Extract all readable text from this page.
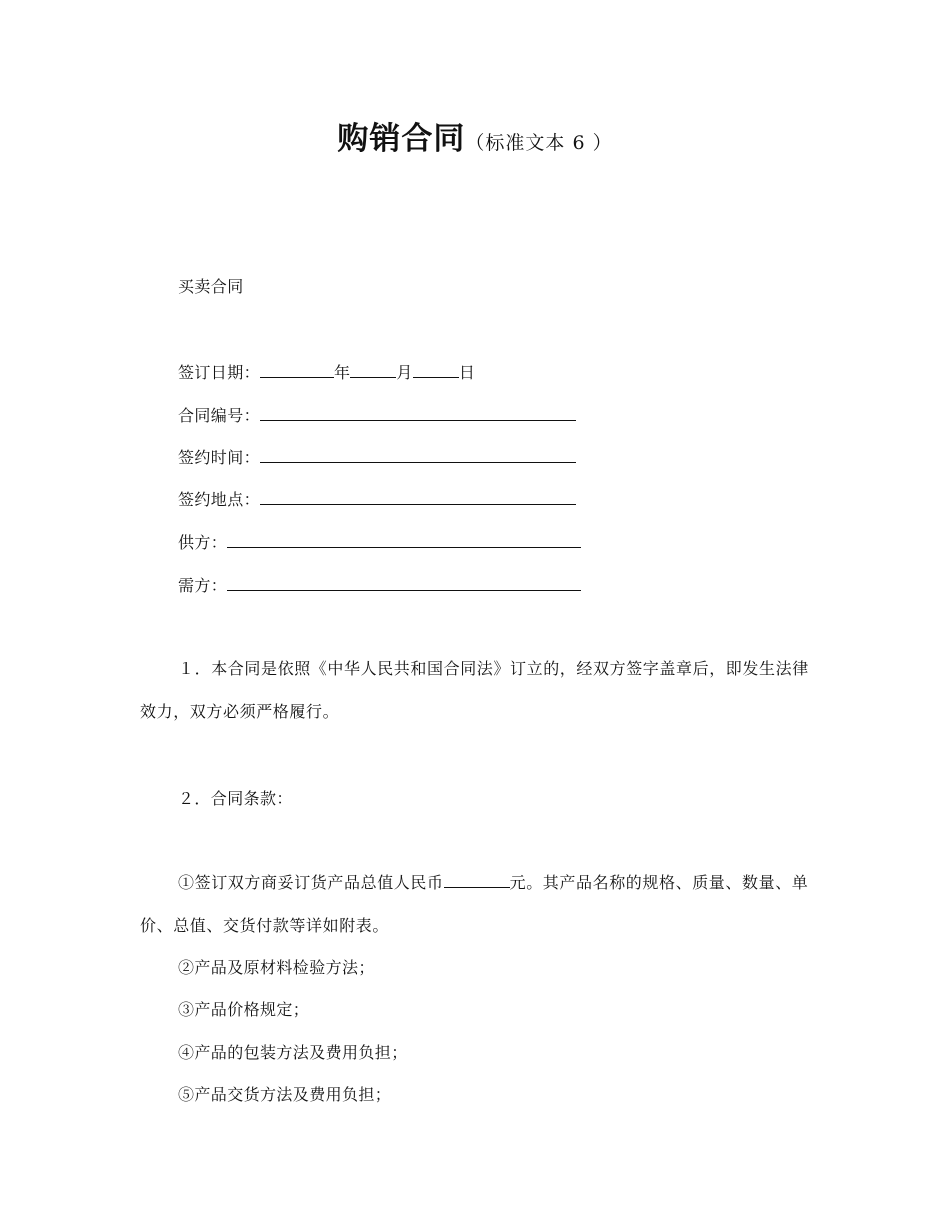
购销合同（标准文本 6 ）
买卖合同
签订日期：	年	月	日
合同编号：
签约时间：
签约地点：
供方：
需方：
１．本合同是依照《中华人民共和国合同法》订立的，经双方签字盖章后，即发生法律效力，双方必须严格履行。
２．合同条款：
①签订双方商妥订货产品总值人民币	元。其产品名称的规格、质量、数量、单价、总值、交货付款等详如附表。
②产品及原材料检验方法；
③产品价格规定；
④产品的包装方法及费用负担；
⑤产品交货方法及费用负担；
